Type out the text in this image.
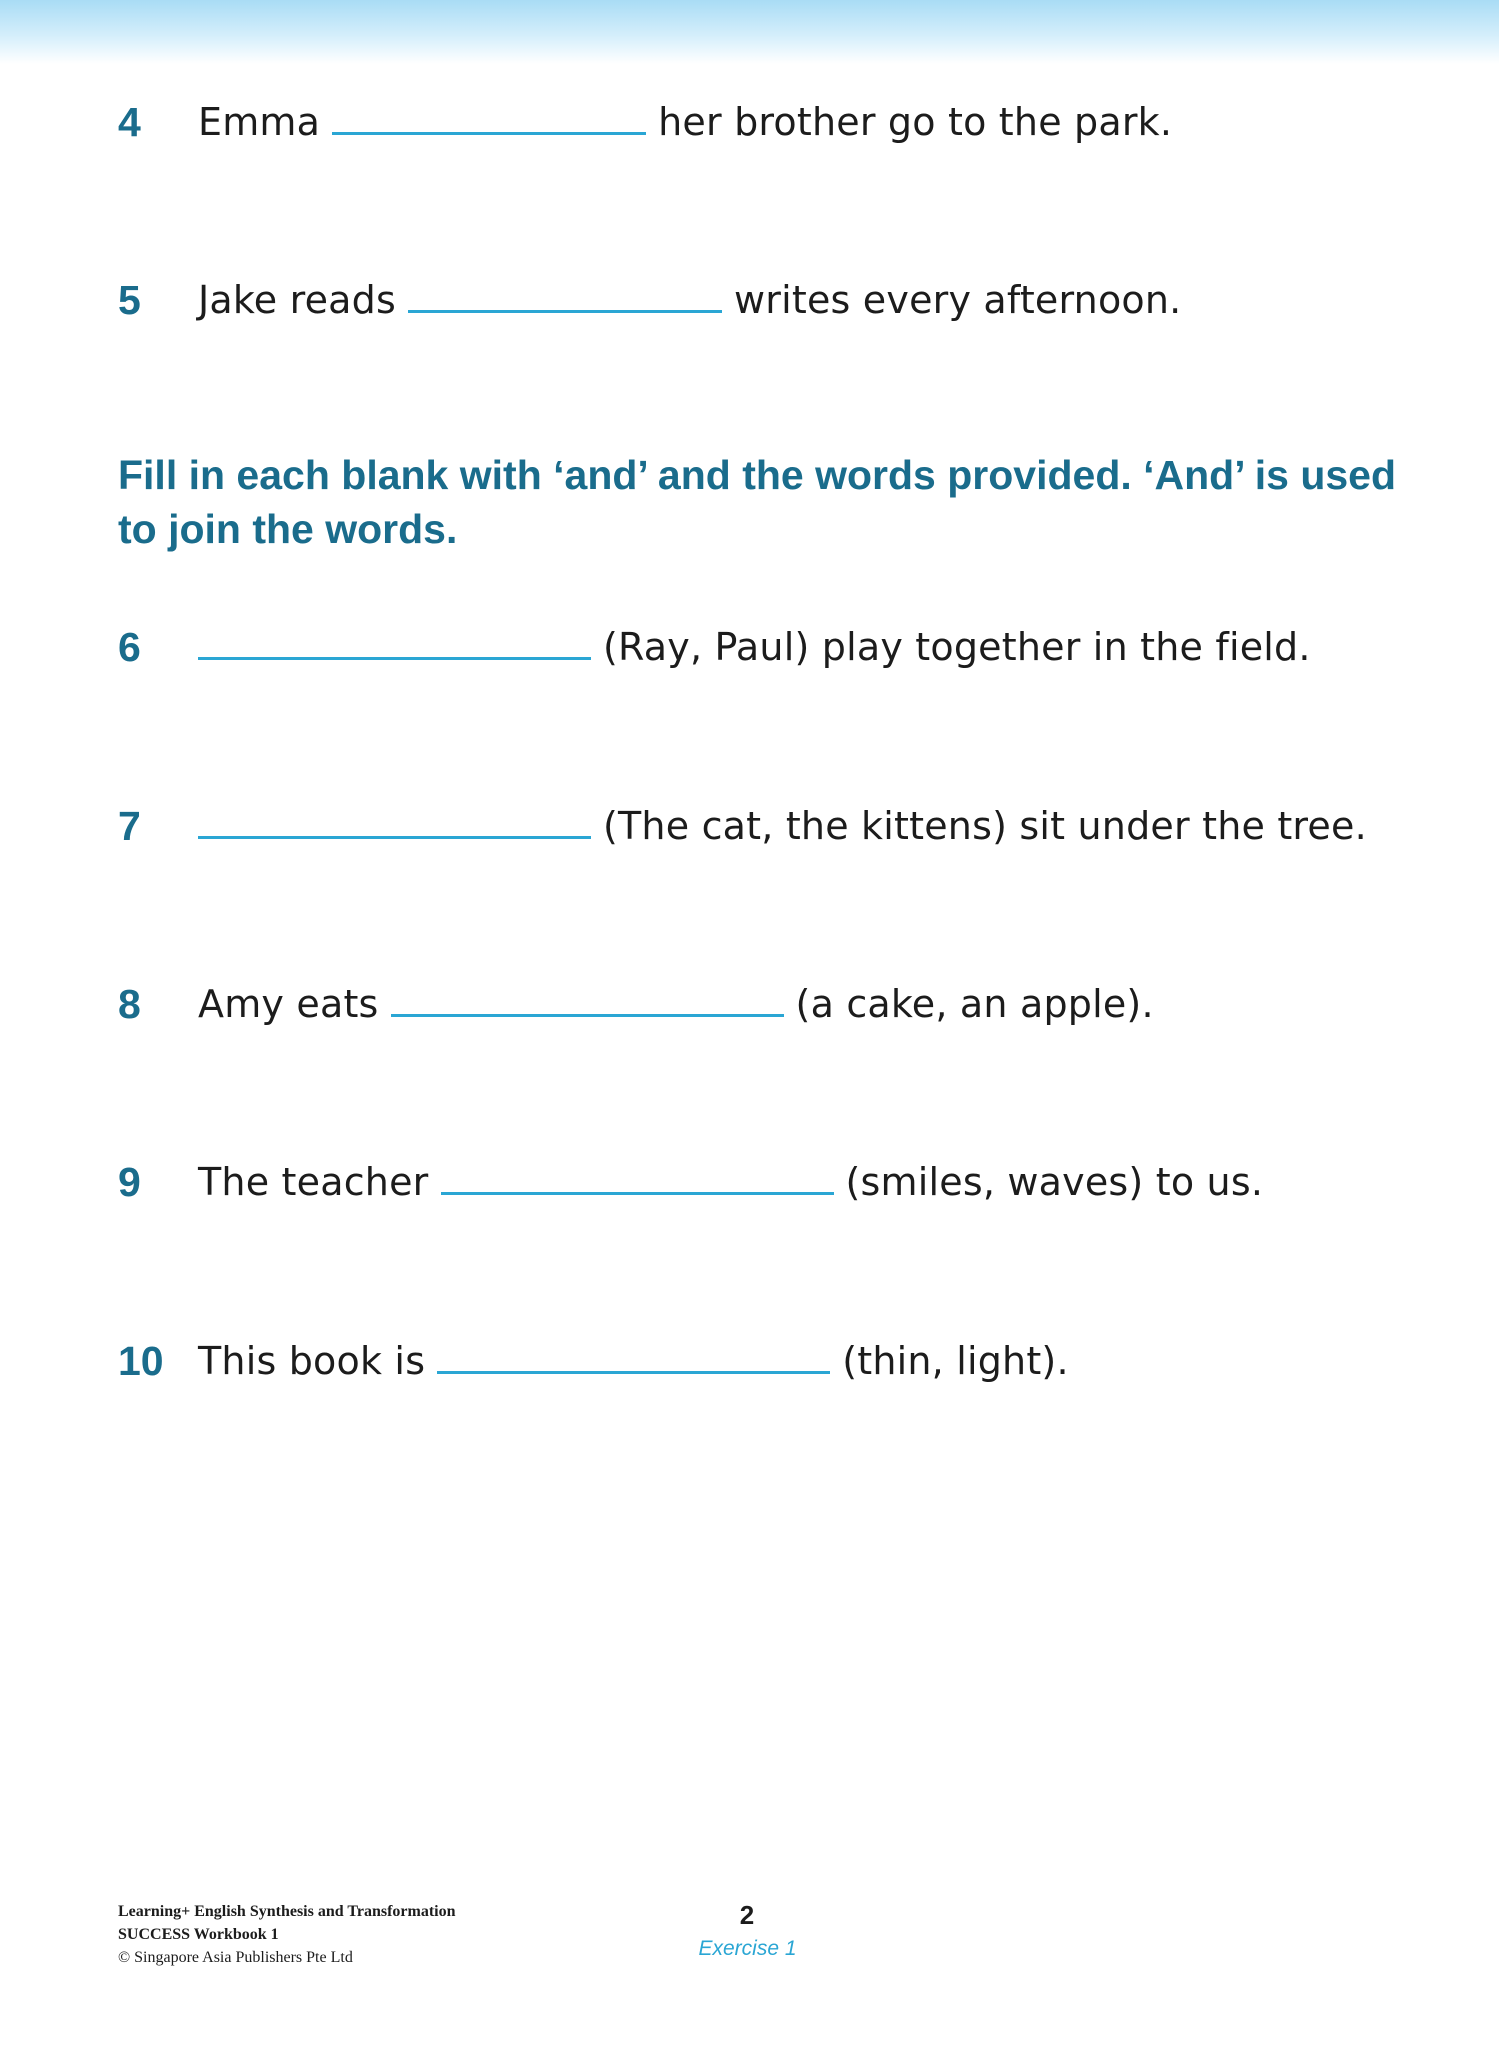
4 Emma	her brother go to the park.
5 Jake reads	writes every afternoon.
Fill in each blank with ‘and’ and the words provided. ‘And’ is used to join the words.
6	(Ray, Paul) play together in the field.
7	(The cat, the kittens) sit under the tree.
8 Amy eats	(a cake, an apple).
9 The teacher	(smiles, waves) to us.
10 This book is	(thin, light).
Learning+ English Synthesis and Transformation
SUCCESS Workbook 1
© Singapore Asia Publishers Pte Ltd
2
Exercise 1
